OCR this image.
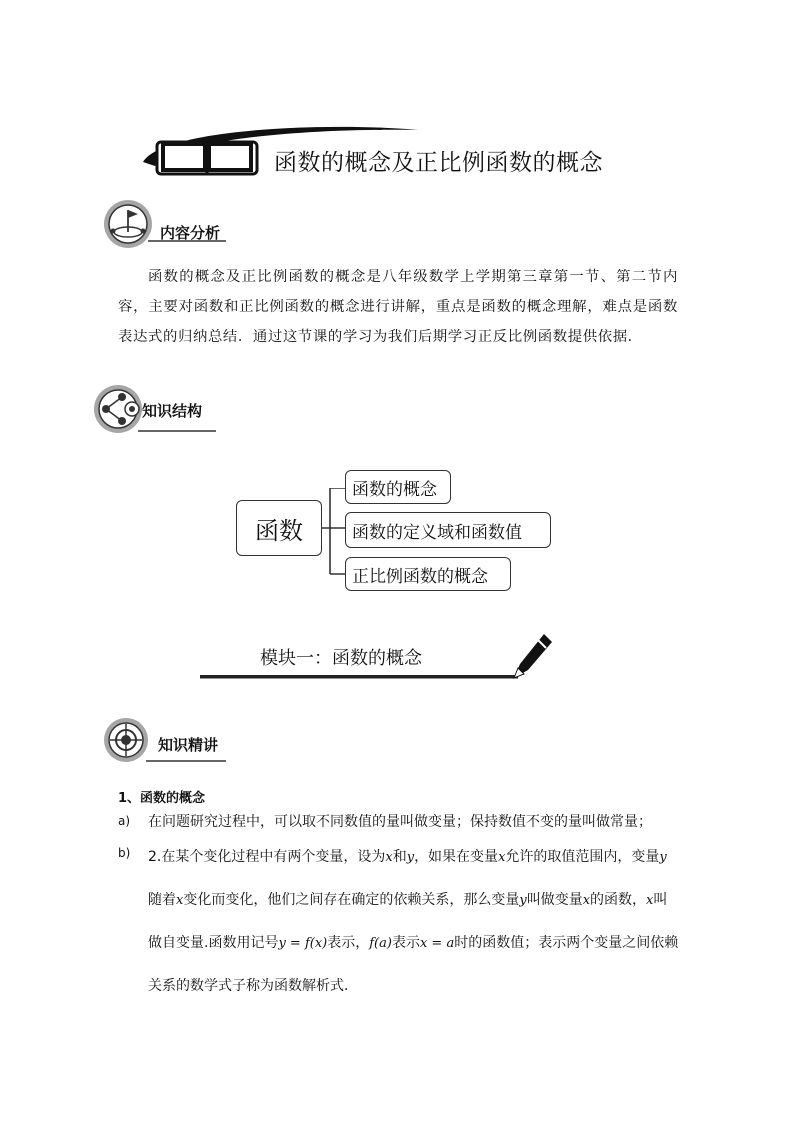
函数的概念及正比例函数的概念
内容分析
函数的概念及正比例函数的概念是八年级数学上学期第三章第一节、第二节内容，主要对函数和正比例函数的概念进行讲解，重点是函数的概念理解，难点是函数表达式的归纳总结．通过这节课的学习为我们后期学习正反比例函数提供依据．
知识结构
函数
函数的概念
函数的定义域和函数值
正比例函数的概念
模块一：函数的概念
知识精讲
1、函数的概念
a) 在问题研究过程中，可以取不同数值的量叫做变量；保持数值不变的量叫做常量；
b) 2.在某个变化过程中有两个变量，设为x和y，如果在变量x允许的取值范围内，变量y随着x变化而变化，他们之间存在确定的依赖关系，那么变量y叫做变量x的函数，x叫做自变量.函数用记号y = f(x)表示，f(a)表示x = a时的函数值；表示两个变量之间依赖关系的数学式子称为函数解析式．
